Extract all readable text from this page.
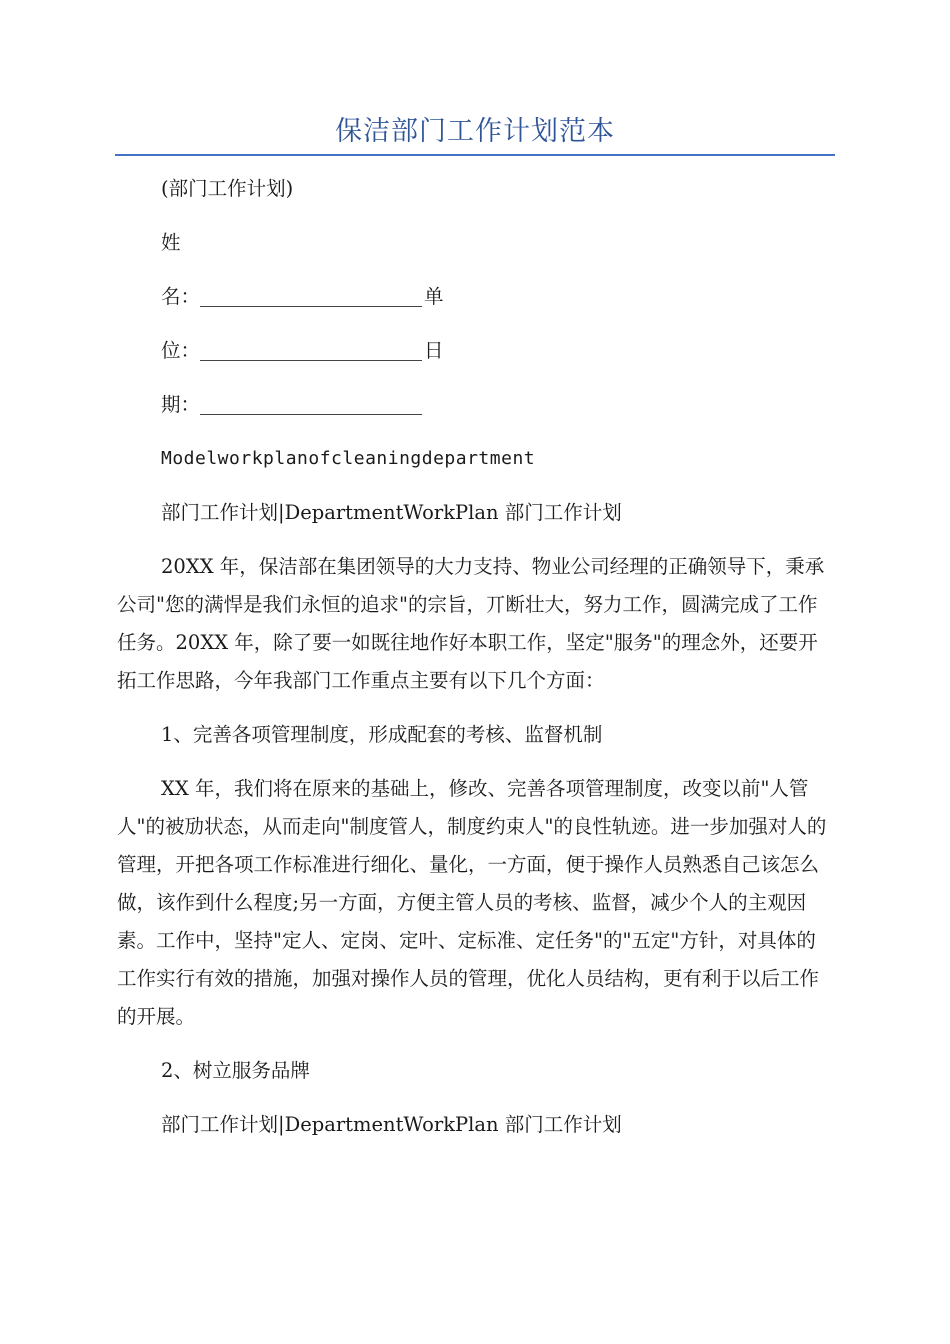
保洁部门工作计划范本

(部门工作计划)

姓

名：	单

位：	日

期：

Modelworkplanofcleaningdepartment

部门工作计划|DepartmentWorkPlan 部门工作计划

20XX 年，保洁部在集团领导的大力支持、物业公司经理的正确领导下，秉承公司"您的满悍是我们永恒的追求"的宗旨，丌断壮大，努力工作，圆满完成了工作任务。20XX 年，除了要一如既往地作好本职工作，坚定"服务"的理念外，还要开拓工作思路，今年我部门工作重点主要有以下几个方面：

1、完善各项管理制度，形成配套的考核、监督机制

XX 年，我们将在原来的基础上，修改、完善各项管理制度，改变以前"人管人"的被劢状态，从而走向"制度管人，制度约束人"的良性轨迹。进一步加强对人的管理，开把各项工作标准进行细化、量化，一方面，便于操作人员熟悉自己该怎么做，该作到什么程度;另一方面，方便主管人员的考核、监督，减少个人的主观因素。工作中，坚持"定人、定岗、定叶、定标准、定任务"的"五定"方针，对具体的工作实行有效的措施，加强对操作人员的管理，优化人员结构，更有利于以后工作的开展。

2、树立服务品牌

部门工作计划|DepartmentWorkPlan 部门工作计划
